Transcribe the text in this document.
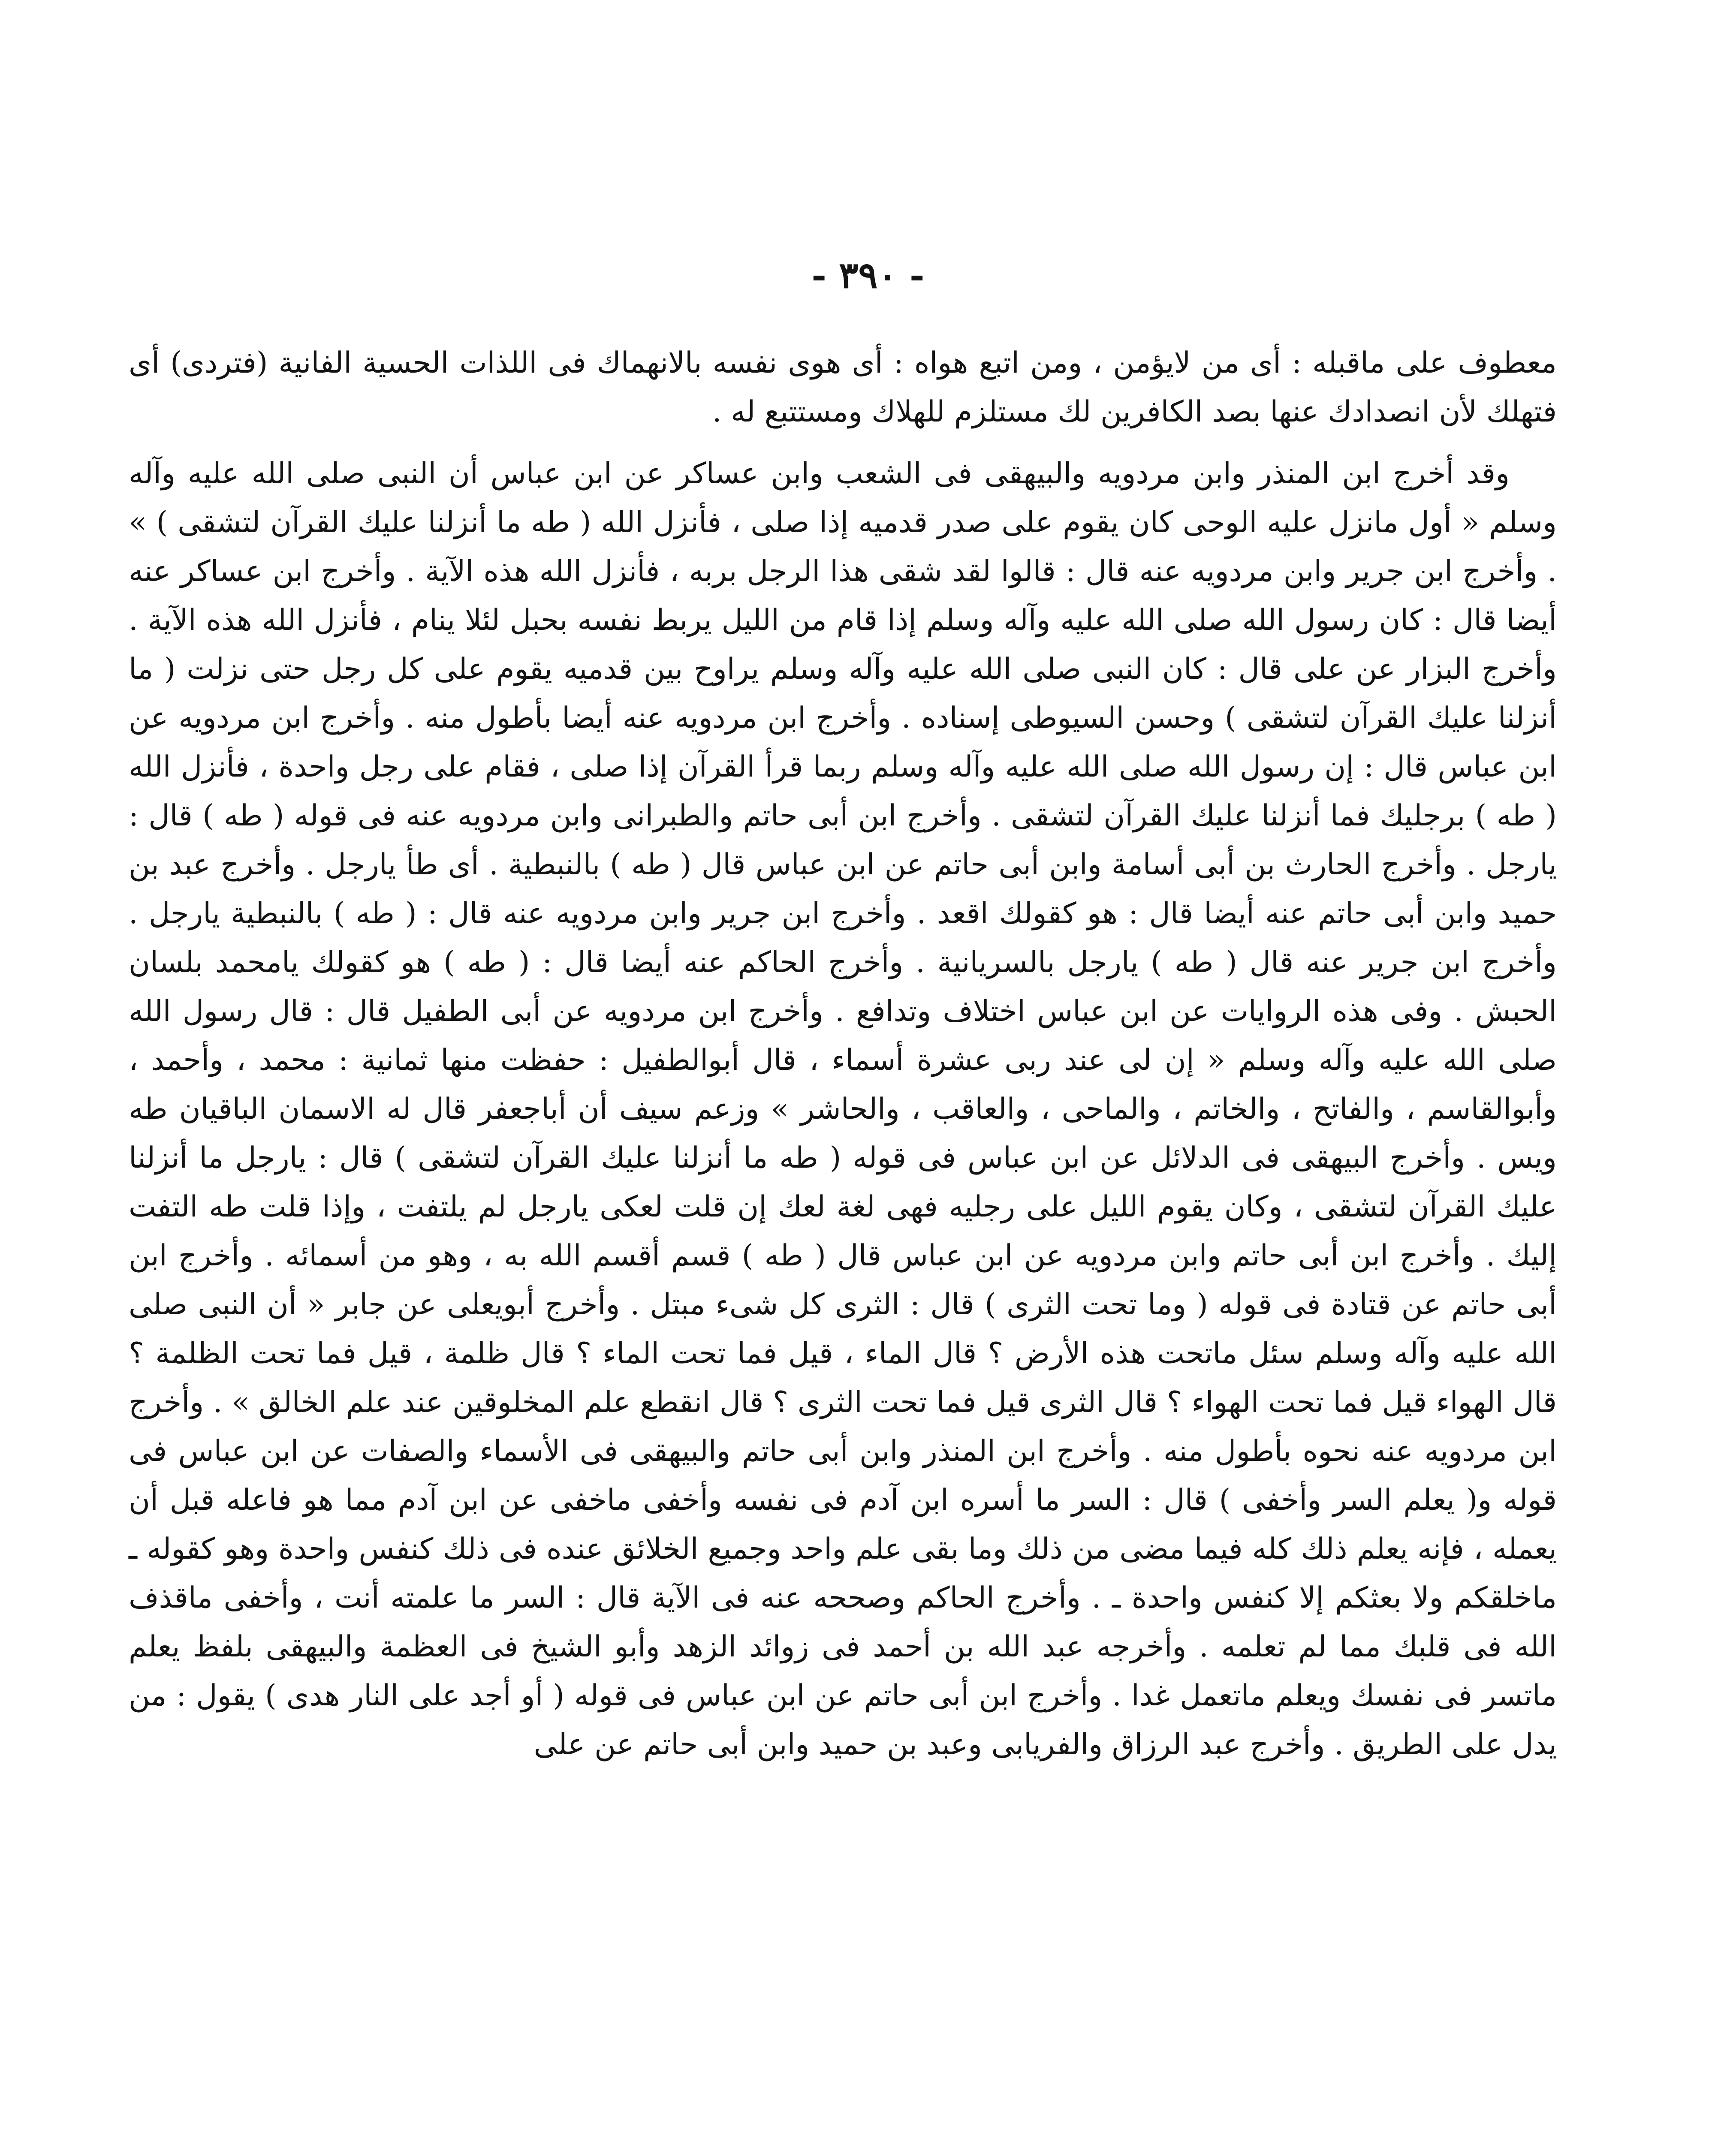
- ٣٩٠ -

معطوف على ماقبله : أى من لايؤمن ، ومن اتبع هواه : أى هوى نفسه بالانهماك فى اللذات الحسية الفانية (فتردى) أى فتهلك لأن انصدادك عنها بصد الكافرين لك مستلزم للهلاك ومستتبع له .

وقد أخرج ابن المنذر وابن مردويه والبيهقى فى الشعب وابن عساكر عن ابن عباس أن النبى صلى الله عليه وآله وسلم « أول مانزل عليه الوحى كان يقوم على صدر قدميه إذا صلى ، فأنزل الله ( طه ما أنزلنا عليك القرآن لتشقى ) » . وأخرج ابن جرير وابن مردويه عنه قال : قالوا لقد شقى هذا الرجل بربه ، فأنزل الله هذه الآية . وأخرج ابن عساكر عنه أيضا قال : كان رسول الله صلى الله عليه وآله وسلم إذا قام من الليل يربط نفسه بحبل لئلا ينام ، فأنزل الله هذه الآية . وأخرج البزار عن على قال : كان النبى صلى الله عليه وآله وسلم يراوح بين قدميه يقوم على كل رجل حتى نزلت ( ما أنزلنا عليك القرآن لتشقى ) وحسن السيوطى إسناده . وأخرج ابن مردويه عنه أيضا بأطول منه . وأخرج ابن مردويه عن ابن عباس قال : إن رسول الله صلى الله عليه وآله وسلم ربما قرأ القرآن إذا صلى ، فقام على رجل واحدة ، فأنزل الله ( طه ) برجليك فما أنزلنا عليك القرآن لتشقى . وأخرج ابن أبى حاتم والطبرانى وابن مردويه عنه فى قوله ( طه ) قال : يارجل . وأخرج الحارث بن أبى أسامة وابن أبى حاتم عن ابن عباس قال ( طه ) بالنبطية . أى طأ يارجل . وأخرج عبد بن حميد وابن أبى حاتم عنه أيضا قال : هو كقولك اقعد . وأخرج ابن جرير وابن مردويه عنه قال : ( طه ) بالنبطية يارجل . وأخرج ابن جرير عنه قال ( طه ) يارجل بالسريانية . وأخرج الحاكم عنه أيضا قال : ( طه ) هو كقولك يامحمد بلسان الحبش . وفى هذه الروايات عن ابن عباس اختلاف وتدافع . وأخرج ابن مردويه عن أبى الطفيل قال : قال رسول الله صلى الله عليه وآله وسلم « إن لى عند ربى عشرة أسماء ، قال أبوالطفيل : حفظت منها ثمانية : محمد ، وأحمد ، وأبوالقاسم ، والفاتح ، والخاتم ، والماحى ، والعاقب ، والحاشر » وزعم سيف أن أباجعفر قال له الاسمان الباقيان طه ويس . وأخرج البيهقى فى الدلائل عن ابن عباس فى قوله ( طه ما أنزلنا عليك القرآن لتشقى ) قال : يارجل ما أنزلنا عليك القرآن لتشقى ، وكان يقوم الليل على رجليه فهى لغة لعك إن قلت لعكى يارجل لم يلتفت ، وإذا قلت طه التفت إليك . وأخرج ابن أبى حاتم وابن مردويه عن ابن عباس قال ( طه ) قسم أقسم الله به ، وهو من أسمائه . وأخرج ابن أبى حاتم عن قتادة فى قوله ( وما تحت الثرى ) قال : الثرى كل شىء مبتل . وأخرج أبويعلى عن جابر « أن النبى صلى الله عليه وآله وسلم سئل ماتحت هذه الأرض ؟ قال الماء ، قيل فما تحت الماء ؟ قال ظلمة ، قيل فما تحت الظلمة ؟ قال الهواء قيل فما تحت الهواء ؟ قال الثرى قيل فما تحت الثرى ؟ قال انقطع علم المخلوقين عند علم الخالق » . وأخرج ابن مردويه عنه نحوه بأطول منه . وأخرج ابن المنذر وابن أبى حاتم والبيهقى فى الأسماء والصفات عن ابن عباس فى قوله و( يعلم السر وأخفى ) قال : السر ما أسره ابن آدم فى نفسه وأخفى ماخفى عن ابن آدم مما هو فاعله قبل أن يعمله ، فإنه يعلم ذلك كله فيما مضى من ذلك وما بقى علم واحد وجميع الخلائق عنده فى ذلك كنفس واحدة وهو كقوله ـ ماخلقكم ولا بعثكم إلا كنفس واحدة ـ . وأخرج الحاكم وصححه عنه فى الآية قال : السر ما علمته أنت ، وأخفى ماقذف الله فى قلبك مما لم تعلمه . وأخرجه عبد الله بن أحمد فى زوائد الزهد وأبو الشيخ فى العظمة والبيهقى بلفظ يعلم ماتسر فى نفسك ويعلم ماتعمل غدا . وأخرج ابن أبى حاتم عن ابن عباس فى قوله ( أو أجد على النار هدى ) يقول : من يدل على الطريق . وأخرج عبد الرزاق والفريابى وعبد بن حميد وابن أبى حاتم عن على
